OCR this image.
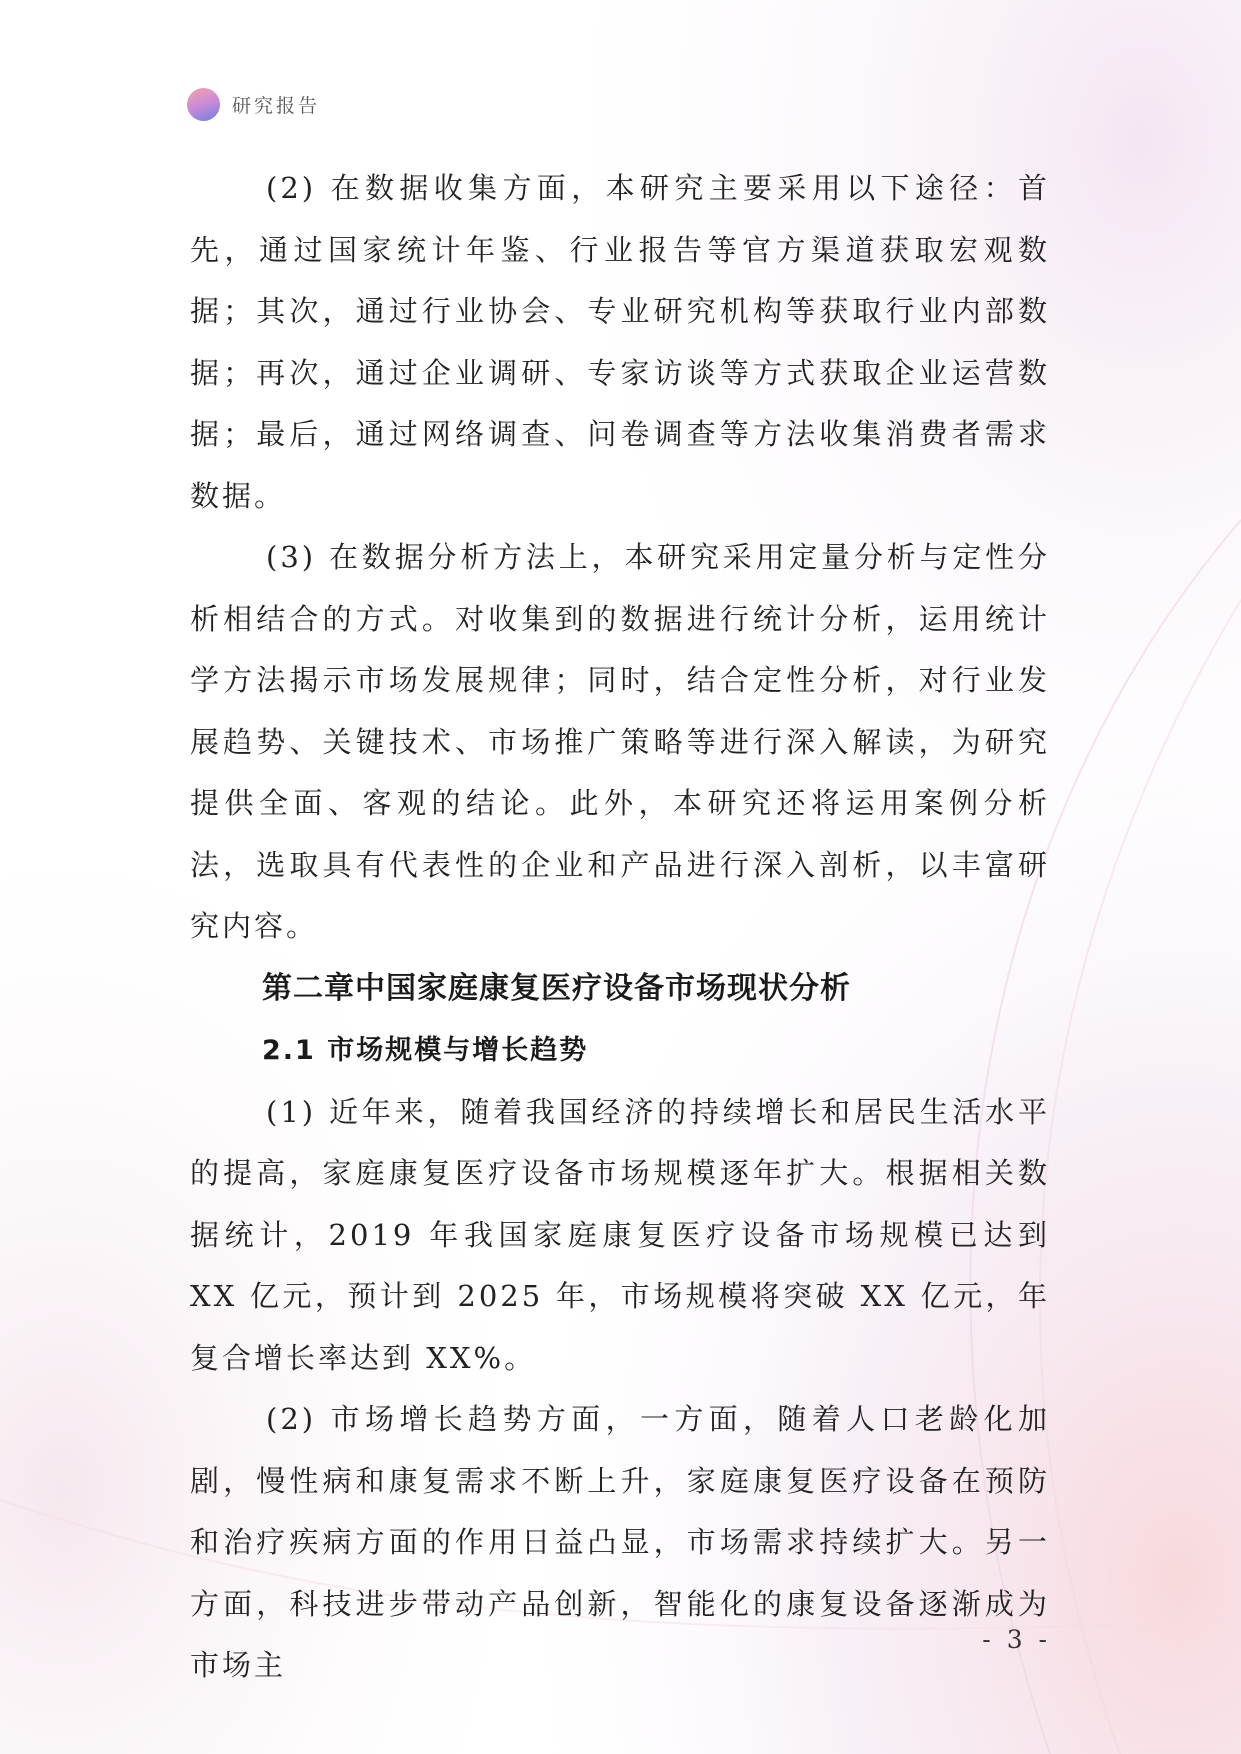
研究报告

(2) 在数据收集方面，本研究主要采用以下途径：首先，通过国家统计年鉴、行业报告等官方渠道获取宏观数据；其次，通过行业协会、专业研究机构等获取行业内部数据；再次，通过企业调研、专家访谈等方式获取企业运营数据；最后，通过网络调查、问卷调查等方法收集消费者需求数据。

(3) 在数据分析方法上，本研究采用定量分析与定性分析相结合的方式。对收集到的数据进行统计分析，运用统计学方法揭示市场发展规律；同时，结合定性分析，对行业发展趋势、关键技术、市场推广策略等进行深入解读，为研究提供全面、客观的结论。此外，本研究还将运用案例分析法，选取具有代表性的企业和产品进行深入剖析，以丰富研究内容。

第二章中国家庭康复医疗设备市场现状分析
2.1 市场规模与增长趋势

(1) 近年来，随着我国经济的持续增长和居民生活水平的提高，家庭康复医疗设备市场规模逐年扩大。根据相关数据统计，2019 年我国家庭康复医疗设备市场规模已达到 XX 亿元，预计到 2025 年，市场规模将突破 XX 亿元，年复合增长率达到 XX%。

(2) 市场增长趋势方面，一方面，随着人口老龄化加剧，慢性病和康复需求不断上升，家庭康复医疗设备在预防和治疗疾病方面的作用日益凸显，市场需求持续扩大。另一方面，科技进步带动产品创新，智能化的康复设备逐渐成为市场主

- 3 -
